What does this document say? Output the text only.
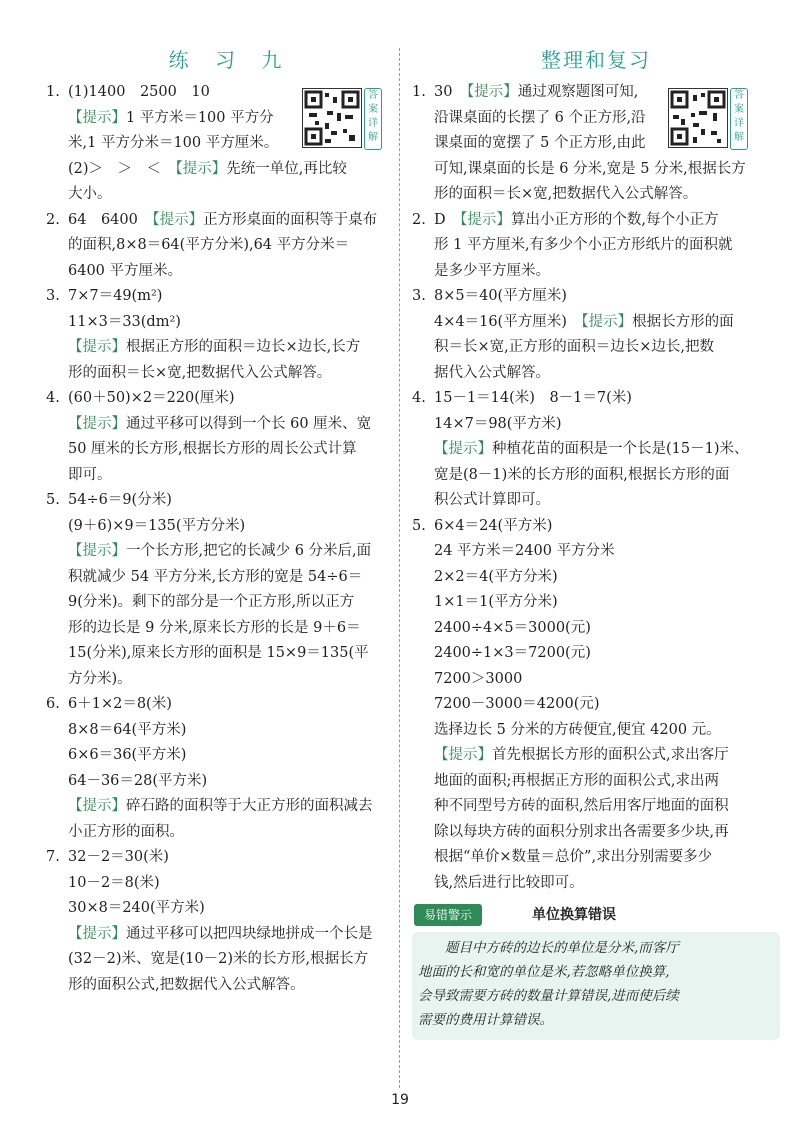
练 习 九
答
案
详
解
1. (1)1400　2500　10
【提示】1 平方米＝100 平方分
米,1 平方分米＝100 平方厘米。
(2)＞　＞　＜　【提示】先统一单位,再比较
大小。
2. 64　6400　【提示】正方形桌面的面积等于桌布
的面积,8×8＝64(平方分米),64 平方分米＝
6400 平方厘米。
3. 7×7＝49(m²)
11×3＝33(dm²)
【提示】根据正方形的面积＝边长×边长,长方
形的面积＝长×宽,把数据代入公式解答。
4. (60＋50)×2＝220(厘米)
【提示】通过平移可以得到一个长 60 厘米、宽
50 厘米的长方形,根据长方形的周长公式计算
即可。
5. 54÷6＝9(分米)
(9＋6)×9＝135(平方分米)
【提示】一个长方形,把它的长减少 6 分米后,面
积就减少 54 平方分米,长方形的宽是 54÷6＝
9(分米)。剩下的部分是一个正方形,所以正方
形的边长是 9 分米,原来长方形的长是 9＋6＝
15(分米),原来长方形的面积是 15×9＝135(平
方分米)。
6. 6＋1×2＝8(米)
8×8＝64(平方米)
6×6＝36(平方米)
64－36＝28(平方米)
【提示】碎石路的面积等于大正方形的面积减去
小正方形的面积。
7. 32－2＝30(米)
10－2＝8(米)
30×8＝240(平方米)
【提示】通过平移可以把四块绿地拼成一个长是
(32－2)米、宽是(10－2)米的长方形,根据长方
形的面积公式,把数据代入公式解答。
整理和复习
答
案
详
解
1. 30　【提示】通过观察题图可知,
沿课桌面的长摆了 6 个正方形,沿
课桌面的宽摆了 5 个正方形,由此
可知,课桌面的长是 6 分米,宽是 5 分米,根据长方
形的面积＝长×宽,把数据代入公式解答。
2. D　【提示】算出小正方形的个数,每个小正方
形 1 平方厘米,有多少个小正方形纸片的面积就
是多少平方厘米。
3. 8×5＝40(平方厘米)
4×4＝16(平方厘米)　【提示】根据长方形的面
积＝长×宽,正方形的面积＝边长×边长,把数
据代入公式解答。
4. 15－1＝14(米)　8－1＝7(米)
14×7＝98(平方米)
【提示】种植花苗的面积是一个长是(15－1)米、
宽是(8－1)米的长方形的面积,根据长方形的面
积公式计算即可。
5. 6×4＝24(平方米)
24 平方米＝2400 平方分米
2×2＝4(平方分米)
1×1＝1(平方分米)
2400÷4×5＝3000(元)
2400÷1×3＝7200(元)
7200＞3000
7200－3000＝4200(元)
选择边长 5 分米的方砖便宜,便宜 4200 元。
【提示】首先根据长方形的面积公式,求出客厅
地面的面积;再根据正方形的面积公式,求出两
种不同型号方砖的面积,然后用客厅地面的面积
除以每块方砖的面积分别求出各需要多少块,再
根据“单价×数量＝总价”,求出分别需要多少
钱,然后进行比较即可。
易错警示	单位换算错误
　　题目中方砖的边长的单位是分米,而客厅
地面的长和宽的单位是米,若忽略单位换算,
会导致需要方砖的数量计算错误,进而使后续
需要的费用计算错误。
19
